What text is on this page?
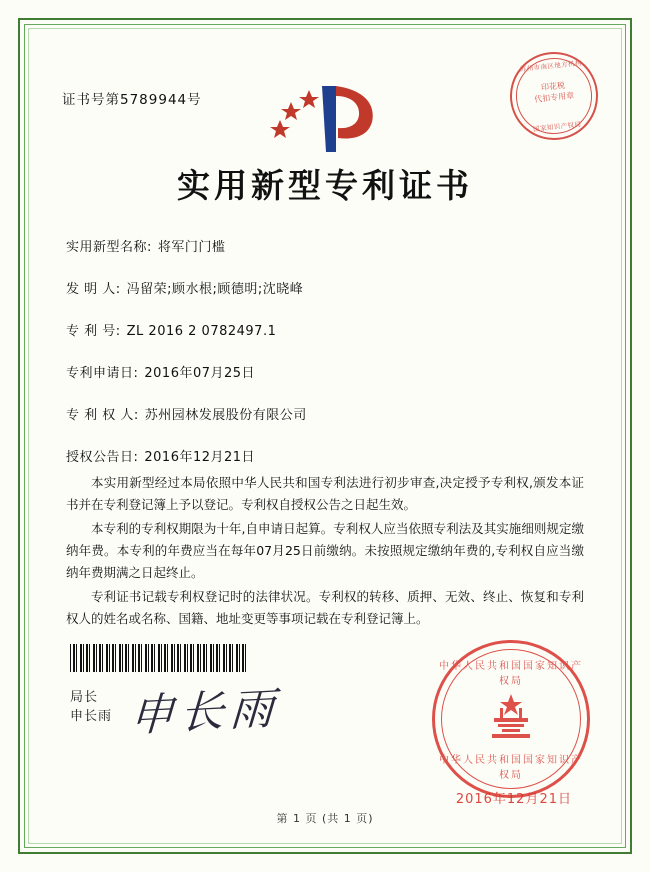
证书号第5789944号
苏州市南区地方机构
印花税
代扣专用章
国家知识产权局
实用新型专利证书
实用新型名称: 将军门门槛
发 明 人: 冯留荣;顾水根;顾德明;沈晓峰
专 利 号: ZL 2016 2 0782497.1
专利申请日: 2016年07月25日
专 利 权 人: 苏州园林发展股份有限公司
授权公告日: 2016年12月21日

本实用新型经过本局依照中华人民共和国专利法进行初步审查,决定授予专利权,颁发本证书并在专利登记簿上予以登记。专利权自授权公告之日起生效。

本专利的专利权期限为十年,自申请日起算。专利权人应当依照专利法及其实施细则规定缴纳年费。本专利的年费应当在每年07月25日前缴纳。未按照规定缴纳年费的,专利权自应当缴纳年费期满之日起终止。

专利证书记载专利权登记时的法律状况。专利权的转移、质押、无效、终止、恢复和专利权人的姓名或名称、国籍、地址变更等事项记载在专利登记簿上。

局长
申长雨 申长雨
中华人民共和国国家知识产权局
中华人民共和国国家知识产权局
2016年12月21日
第 1 页 (共 1 页)
